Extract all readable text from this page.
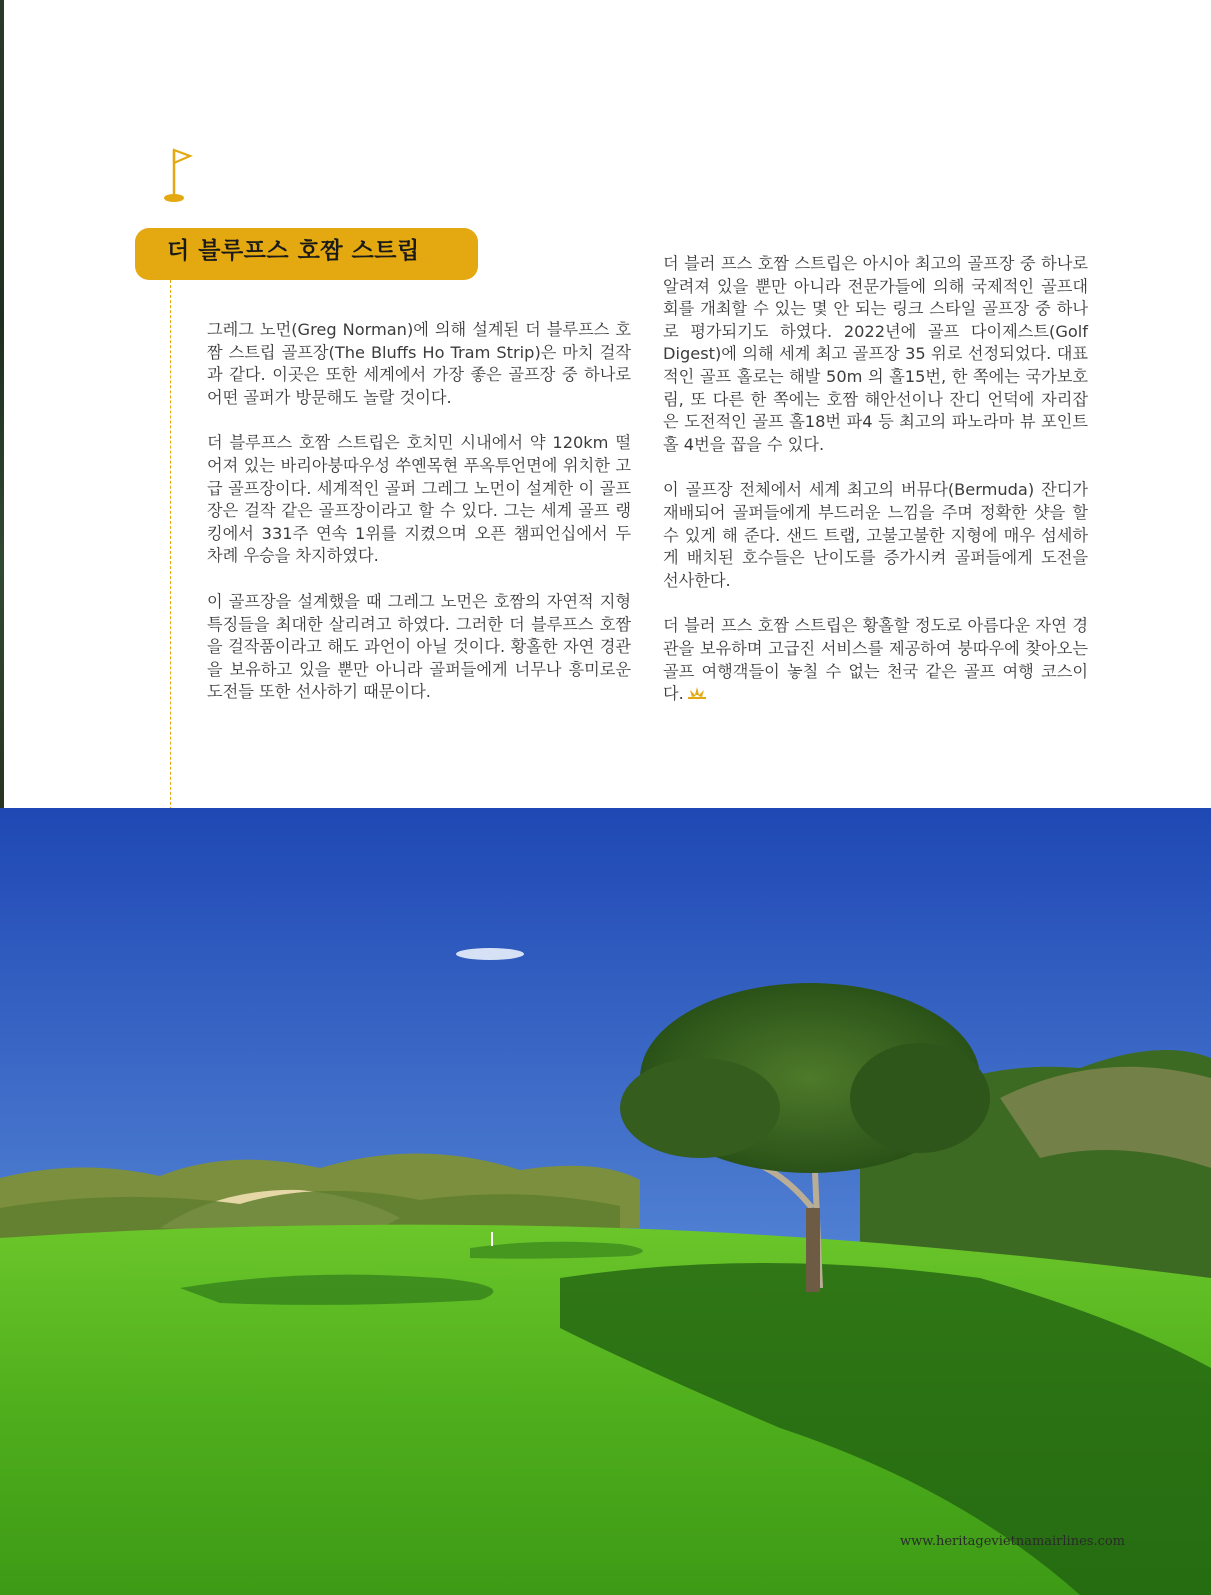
더 블루프스 호짬 스트립

그레그 노먼(Greg Norman)에 의해 설계된 더 블루프스 호짬 스트립 골프장(The Bluffs Ho Tram Strip)은 마치 걸작과 같다. 이곳은 또한 세계에서 가장 좋은 골프장 중 하나로 어떤 골퍼가 방문해도 놀랄 것이다.

더 블루프스 호짬 스트립은 호치민 시내에서 약 120km 떨어져 있는 바리아붕따우성 쑤옌목현 푸옥투언면에 위치한 고급 골프장이다. 세계적인 골퍼 그레그 노먼이 설계한 이 골프장은 걸작 같은 골프장이라고 할 수 있다. 그는 세계 골프 랭킹에서 331주 연속 1위를 지켰으며 오픈 챔피언십에서 두 차례 우승을 차지하였다.

이 골프장을 설계했을 때 그레그 노먼은 호짬의 자연적 지형 특징들을 최대한 살리려고 하였다. 그러한 더 블루프스 호짬을 걸작품이라고 해도 과언이 아닐 것이다. 황홀한 자연 경관을 보유하고 있을 뿐만 아니라 골퍼들에게 너무나 흥미로운 도전들 또한 선사하기 때문이다.

더 블러 프스 호짬 스트립은 아시아 최고의 골프장 중 하나로 알려져 있을 뿐만 아니라 전문가들에 의해 국제적인 골프대회를 개최할 수 있는 몇 안 되는 링크 스타일 골프장 중 하나로 평가되기도 하였다. 2022년에 골프 다이제스트(Golf Digest)에 의해 세계 최고 골프장 35 위로 선정되었다. 대표적인 골프 홀로는 해발 50m 의 홀15번, 한 쪽에는 국가보호림, 또 다른 한 쪽에는 호짬 해안선이나 잔디 언덕에 자리잡은 도전적인 골프 홀18번 파4 등 최고의 파노라마 뷰 포인트 홀 4번을 꼽을 수 있다.

이 골프장 전체에서 세계 최고의 버뮤다(Bermuda) 잔디가 재배되어 골퍼들에게 부드러운 느낌을 주며 정확한 샷을 할 수 있게 해 준다. 샌드 트랩, 고불고불한 지형에 매우 섬세하게 배치된 호수들은 난이도를 증가시켜 골퍼들에게 도전을 선사한다.

더 블러 프스 호짬 스트립은 황홀할 정도로 아름다운 자연 경관을 보유하며 고급진 서비스를 제공하여 붕따우에 찾아오는 골프 여행객들이 놓칠 수 없는 천국 같은 골프 여행 코스이다.

www.heritagevietnamairlines.com
